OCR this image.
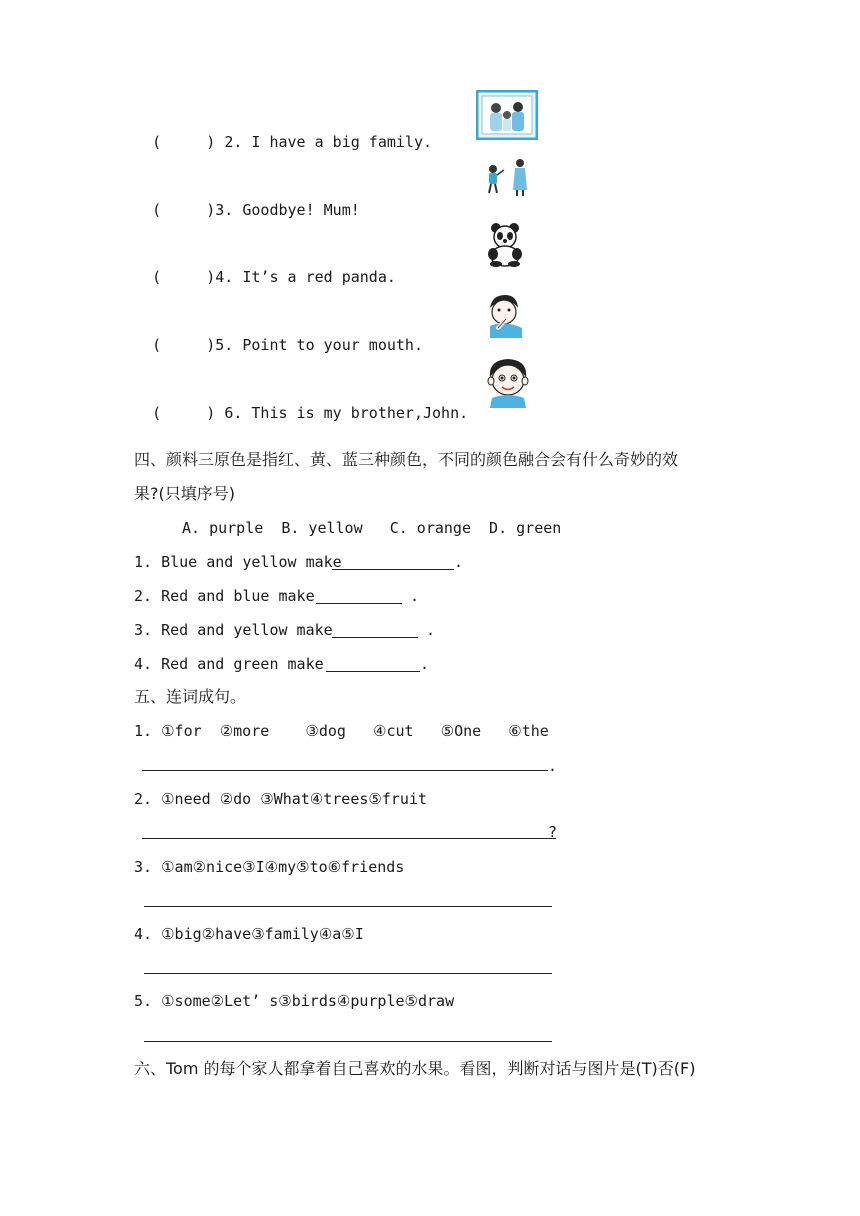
(     ) 2. I have a big family.

(     )3. Goodbye! Mum!

(     )4. It’s a red panda.

(     )5. Point to your mouth.

(     ) 6. This is my brother,John.

四、颜料三原色是指红、黄、蓝三种颜色，不同的颜色融合会有什么奇妙的效
果?(只填序号)
A. purple  B. yellow   C. orange  D. green
1. Blue and yellow make	.
2. Red and blue make	.
3. Red and yellow make	.
4. Red and green make	.
五、连词成句。
1. ①for  ②more    ③dog   ④cut   ⑤One   ⑥the
.
2. ①need ②do ③What④trees⑤fruit
?
3. ①am②nice③I④my⑤to⑥friends
4. ①big②have③family④a⑤I
5. ①some②Let’ s③birds④purple⑤draw
六、Tom 的每个家人都拿着自己喜欢的水果。看图，判断对话与图片是(T)否(F)
